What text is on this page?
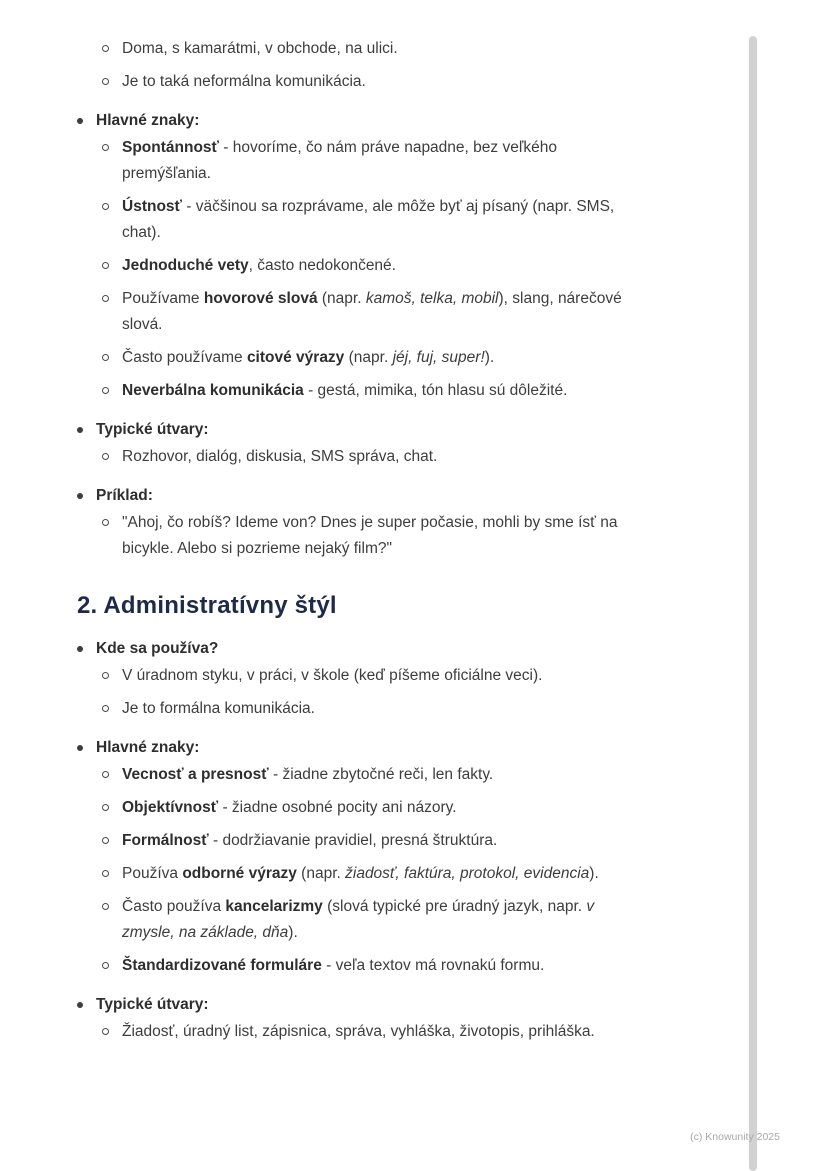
Doma, s kamarátmi, v obchode, na ulici.
Je to taká neformálna komunikácia.
Hlavné znaky:
Spontánnosť - hovoríme, čo nám práve napadne, bez veľkého premýšľania.
Ústnosť - väčšinou sa rozprávame, ale môže byť aj písaný (napr. SMS, chat).
Jednoduché vety, často nedokončené.
Používame hovorové slová (napr. kamoš, telka, mobil), slang, nárečové slová.
Často používame citové výrazy (napr. jéj, fuj, super!).
Neverbálna komunikácia - gestá, mimika, tón hlasu sú dôležité.
Typické útvary:
Rozhovor, dialóg, diskusia, SMS správa, chat.
Príklad:
"Ahoj, čo robíš? Ideme von? Dnes je super počasie, mohli by sme ísť na bicykle. Alebo si pozrieme nejaký film?"
2. Administratívny štýl
Kde sa používa?
V úradnom styku, v práci, v škole (keď píšeme oficiálne veci).
Je to formálna komunikácia.
Hlavné znaky:
Vecnosť a presnosť - žiadne zbytočné reči, len fakty.
Objektívnosť - žiadne osobné pocity ani názory.
Formálnosť - dodržiavanie pravidiel, presná štruktúra.
Používa odborné výrazy (napr. žiadosť, faktúra, protokol, evidencia).
Často používa kancelarizmy (slová typické pre úradný jazyk, napr. v zmysle, na základe, dňa).
Štandardizované formuláre - veľa textov má rovnakú formu.
Typické útvary:
Žiadosť, úradný list, zápisnica, správa, vyhláška, životopis, prihláška.
(c) Knowunity 2025
